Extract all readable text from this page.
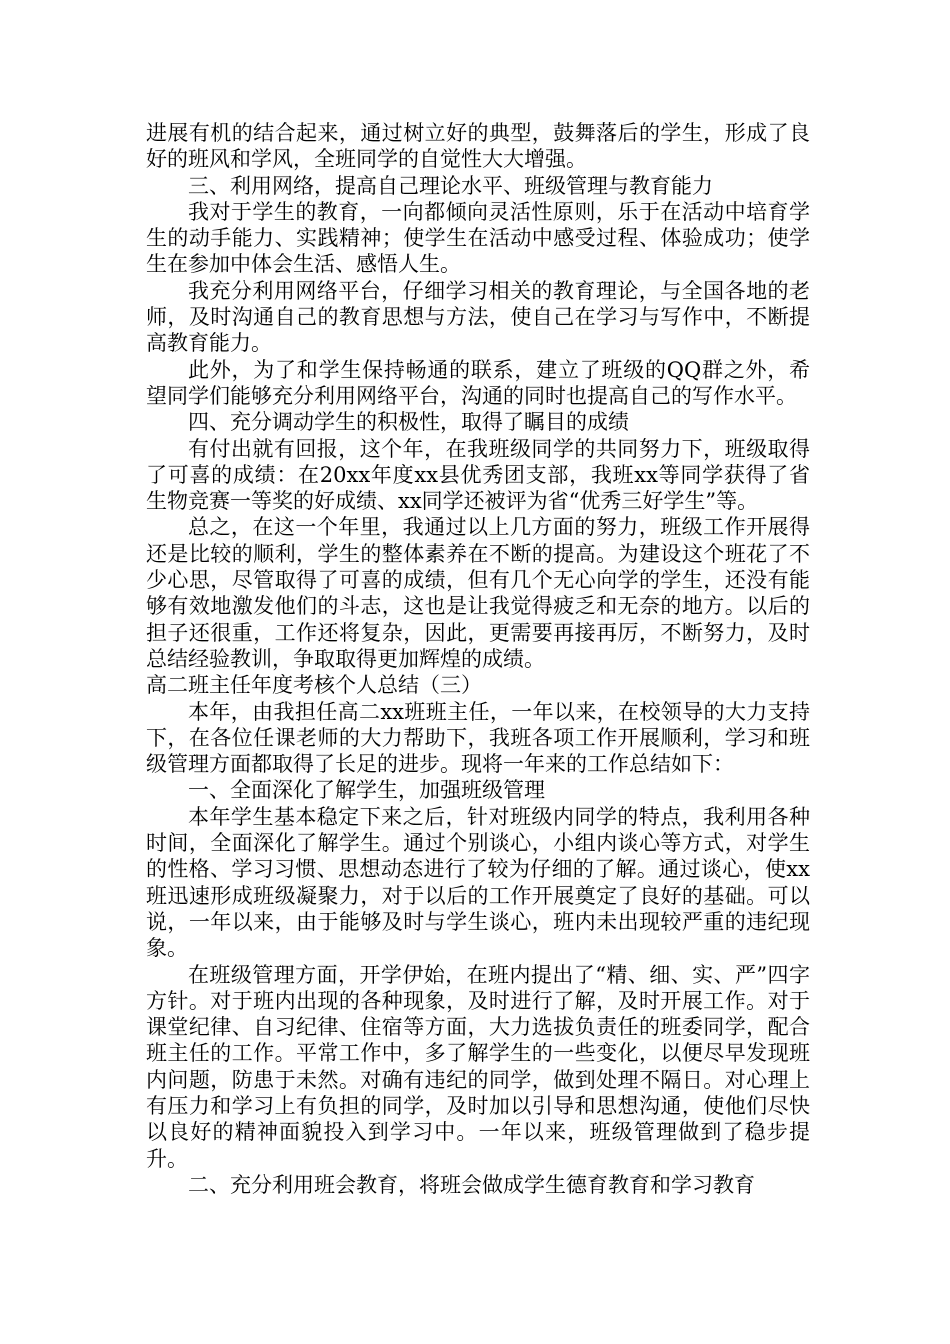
进展有机的结合起来，通过树立好的典型，鼓舞落后的学生，形成了良好的班风和学风，全班同学的自觉性大大增强。

三、利用网络，提高自己理论水平、班级管理与教育能力

我对于学生的教育，一向都倾向灵活性原则，乐于在活动中培育学生的动手能力、实践精神；使学生在活动中感受过程、体验成功；使学生在参加中体会生活、感悟人生。

我充分利用网络平台，仔细学习相关的教育理论，与全国各地的老师，及时沟通自己的教育思想与方法，使自己在学习与写作中，不断提高教育能力。

此外，为了和学生保持畅通的联系，建立了班级的QQ群之外，希望同学们能够充分利用网络平台，沟通的同时也提高自己的写作水平。

四、充分调动学生的积极性，取得了瞩目的成绩

有付出就有回报，这个年，在我班级同学的共同努力下，班级取得了可喜的成绩：在20xx年度xx县优秀团支部，我班xx等同学获得了省生物竞赛一等奖的好成绩、xx同学还被评为省“优秀三好学生”等。

总之，在这一个年里，我通过以上几方面的努力，班级工作开展得还是比较的顺利，学生的整体素养在不断的提高。为建设这个班花了不少心思，尽管取得了可喜的成绩，但有几个无心向学的学生，还没有能够有效地激发他们的斗志，这也是让我觉得疲乏和无奈的地方。以后的担子还很重，工作还将复杂，因此，更需要再接再厉，不断努力，及时总结经验教训，争取取得更加辉煌的成绩。

高二班主任年度考核个人总结（三）

本年，由我担任高二xx班班主任，一年以来，在校领导的大力支持下，在各位任课老师的大力帮助下，我班各项工作开展顺利，学习和班级管理方面都取得了长足的进步。现将一年来的工作总结如下：

一、全面深化了解学生，加强班级管理

本年学生基本稳定下来之后，针对班级内同学的特点，我利用各种时间，全面深化了解学生。通过个别谈心，小组内谈心等方式，对学生的性格、学习习惯、思想动态进行了较为仔细的了解。通过谈心，使xx班迅速形成班级凝聚力，对于以后的工作开展奠定了良好的基础。可以说，一年以来，由于能够及时与学生谈心，班内未出现较严重的违纪现象。

在班级管理方面，开学伊始，在班内提出了“精、细、实、严”四字方针。对于班内出现的各种现象，及时进行了解，及时开展工作。对于课堂纪律、自习纪律、住宿等方面，大力选拔负责任的班委同学，配合班主任的工作。平常工作中，多了解学生的一些变化，以便尽早发现班内问题，防患于未然。对确有违纪的同学，做到处理不隔日。对心理上有压力和学习上有负担的同学，及时加以引导和思想沟通，使他们尽快以良好的精神面貌投入到学习中。一年以来，班级管理做到了稳步提升。

二、充分利用班会教育，将班会做成学生德育教育和学习教育
